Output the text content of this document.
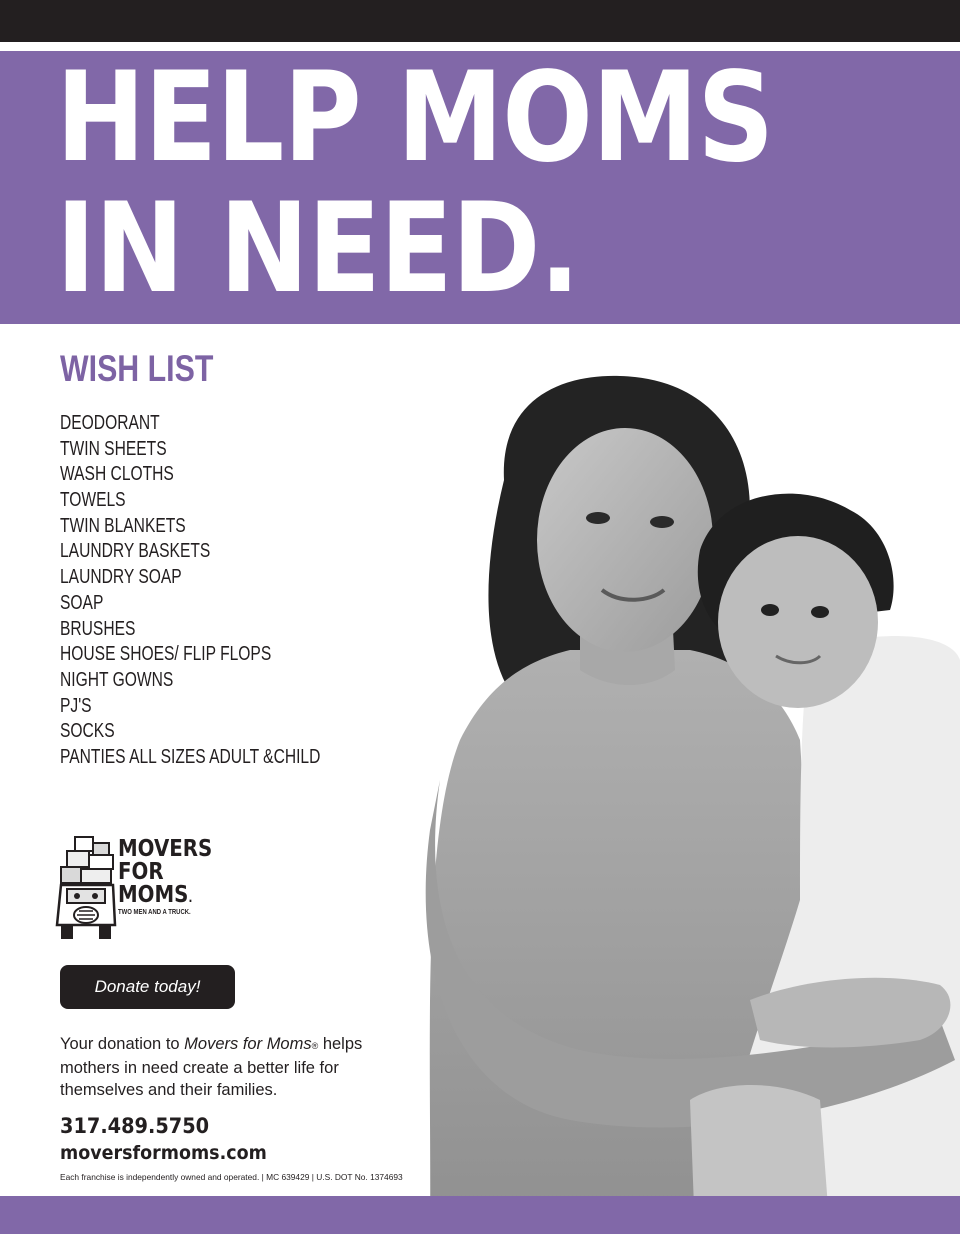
HELP MOMS
IN NEED.
WISH LIST
DEODORANT
TWIN SHEETS
WASH CLOTHS
TOWELS
TWIN BLANKETS
LAUNDRY BASKETS
LAUNDRY SOAP
SOAP
BRUSHES
HOUSE SHOES/ FLIP FLOPS
NIGHT GOWNS
PJ'S
SOCKS
PANTIES ALL SIZES ADULT &CHILD
MOVERS
FOR
MOMS.
TWO MEN AND A TRUCK.
Donate today!

Your donation to Movers for Moms® helps mothers in need create a better life for themselves and their families.

317.489.5750
moversformoms.com
Each franchise is independently owned and operated. | MC 639429 | U.S. DOT No. 1374693
